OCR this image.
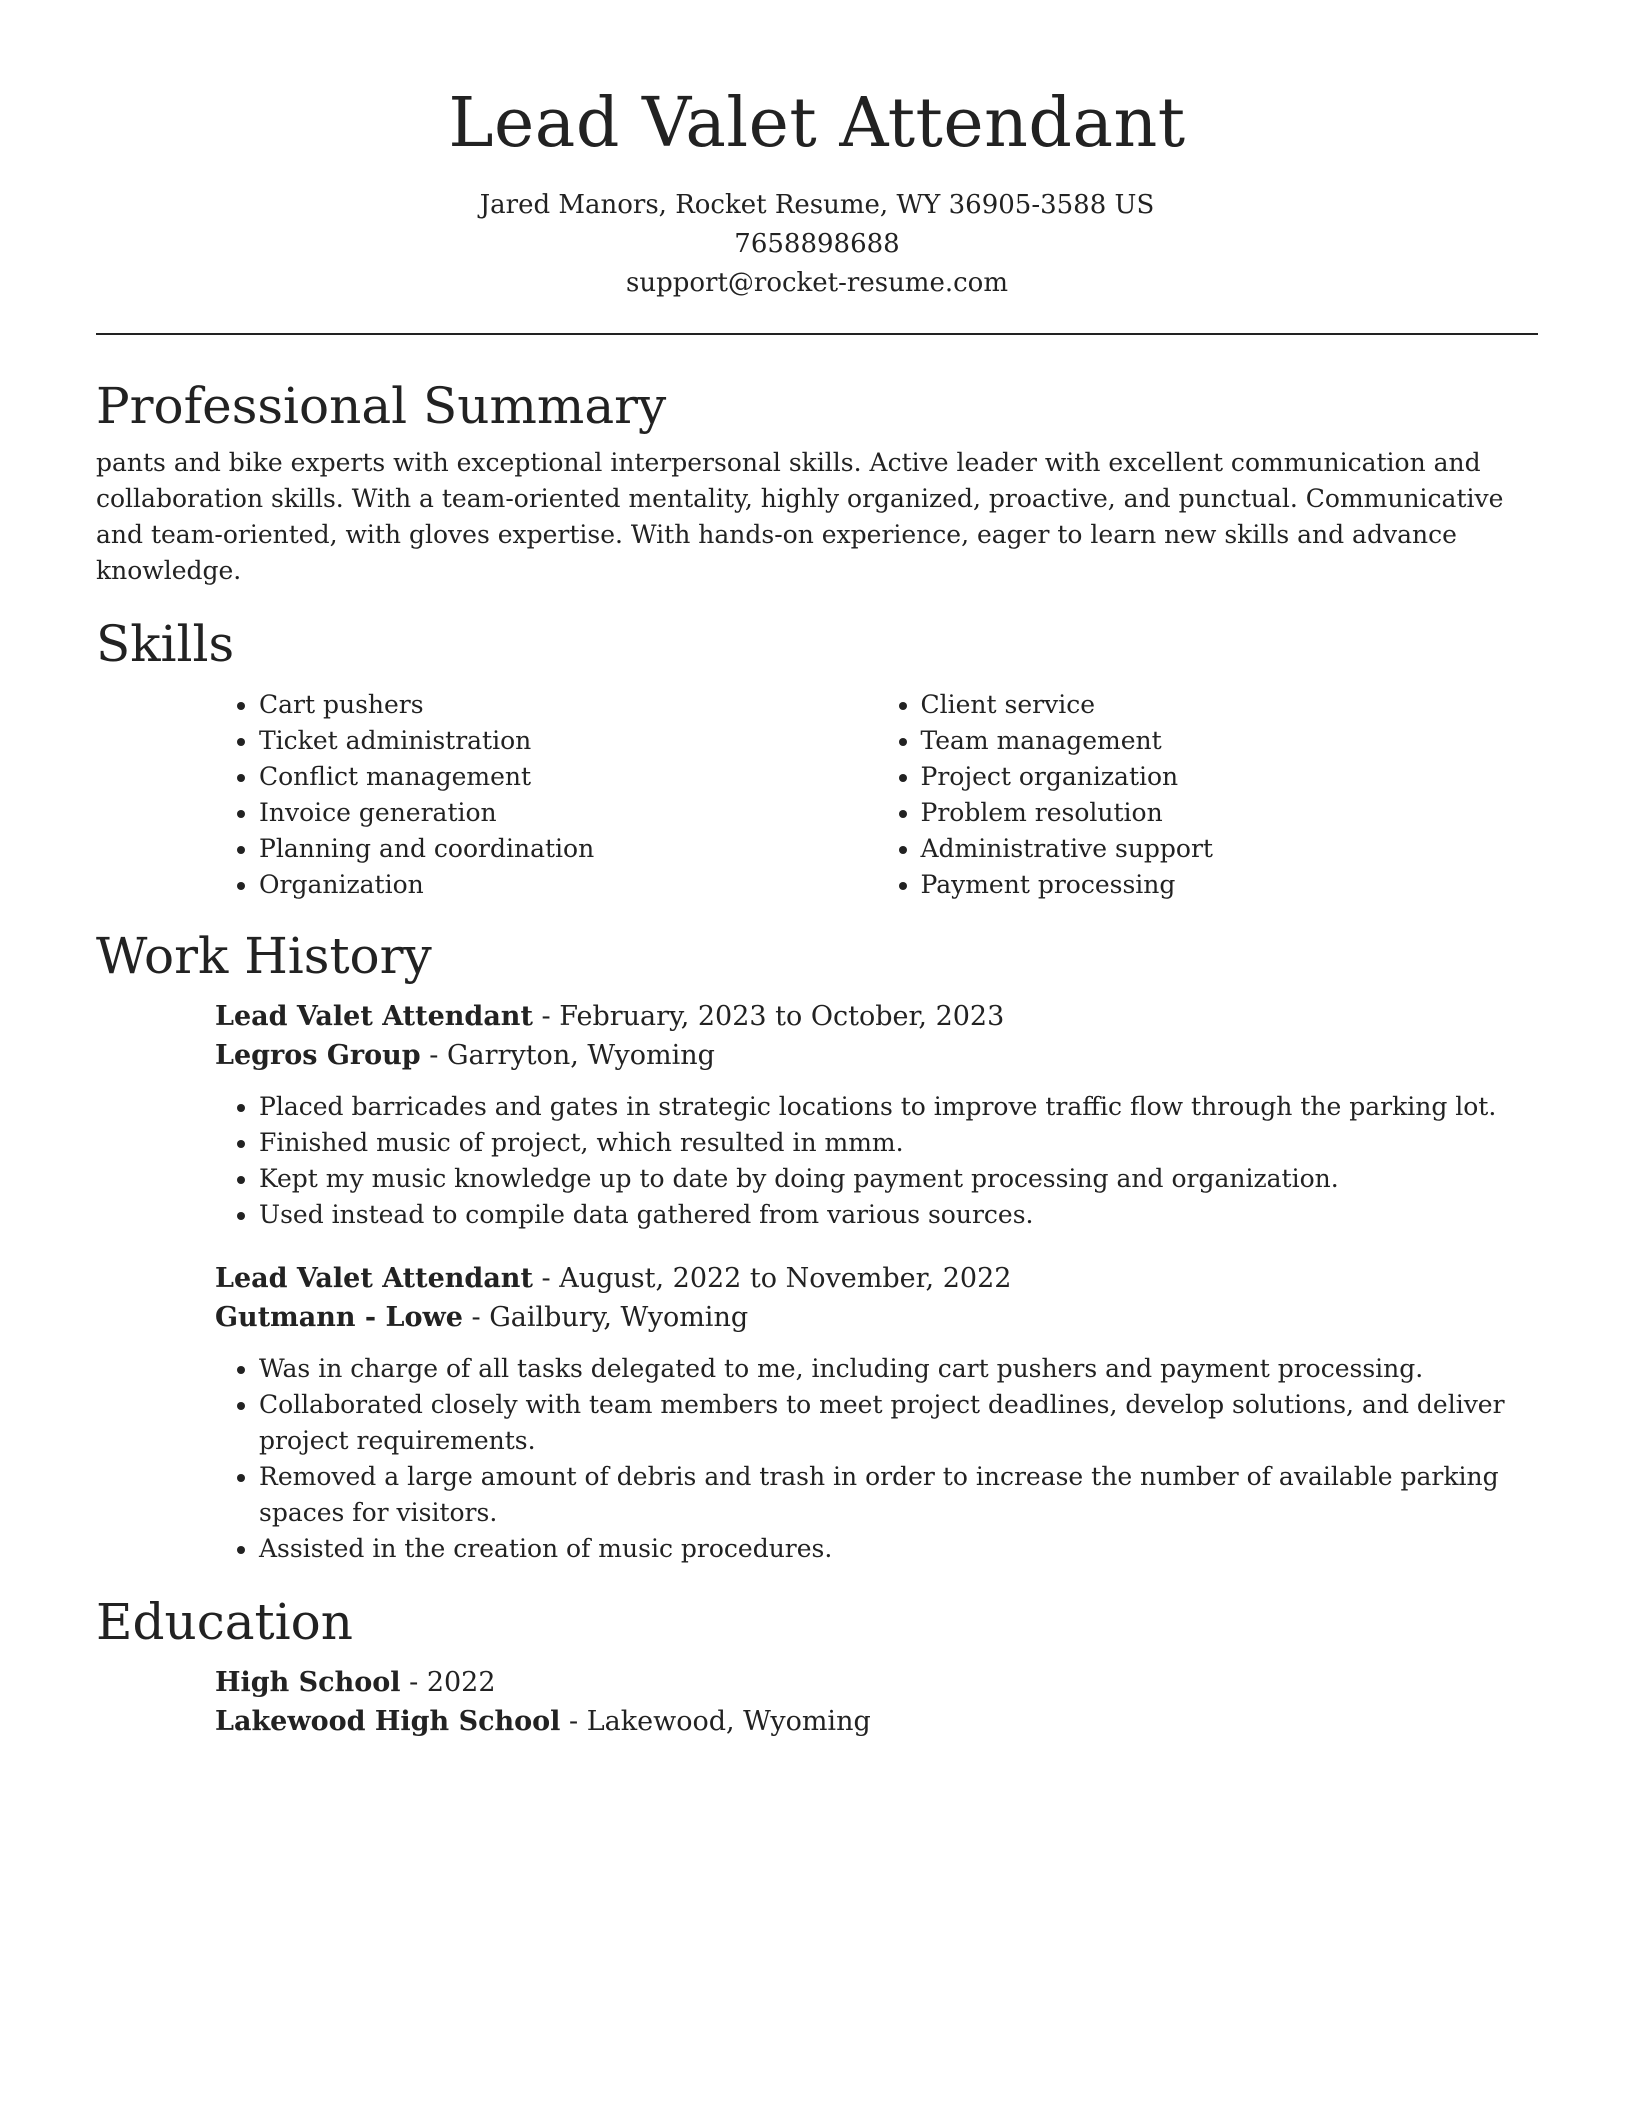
Lead Valet Attendant
Jared Manors, Rocket Resume, WY 36905-3588 US
7658898688
support@rocket-resume.com
Professional Summary

pants and bike experts with exceptional interpersonal skills. Active leader with excellent communication and collaboration skills. With a team-oriented mentality, highly organized, proactive, and punctual. Communicative and team-oriented, with gloves expertise. With hands-on experience, eager to learn new skills and advance knowledge.

Skills
• Cart pushers
• Ticket administration
• Conflict management
• Invoice generation
• Planning and coordination
• Organization
• Client service
• Team management
• Project organization
• Problem resolution
• Administrative support
• Payment processing
Work History
Lead Valet Attendant - February, 2023 to October, 2023
Legros Group - Garryton, Wyoming
• Placed barricades and gates in strategic locations to improve traffic flow through the parking lot.
• Finished music of project, which resulted in mmm.
• Kept my music knowledge up to date by doing payment processing and organization.
• Used instead to compile data gathered from various sources.
Lead Valet Attendant - August, 2022 to November, 2022
Gutmann - Lowe - Gailbury, Wyoming
• Was in charge of all tasks delegated to me, including cart pushers and payment processing.
• Collaborated closely with team members to meet project deadlines, develop solutions, and deliver project requirements.
• Removed a large amount of debris and trash in order to increase the number of available parking spaces for visitors.
• Assisted in the creation of music procedures.
Education
High School - 2022
Lakewood High School - Lakewood, Wyoming
